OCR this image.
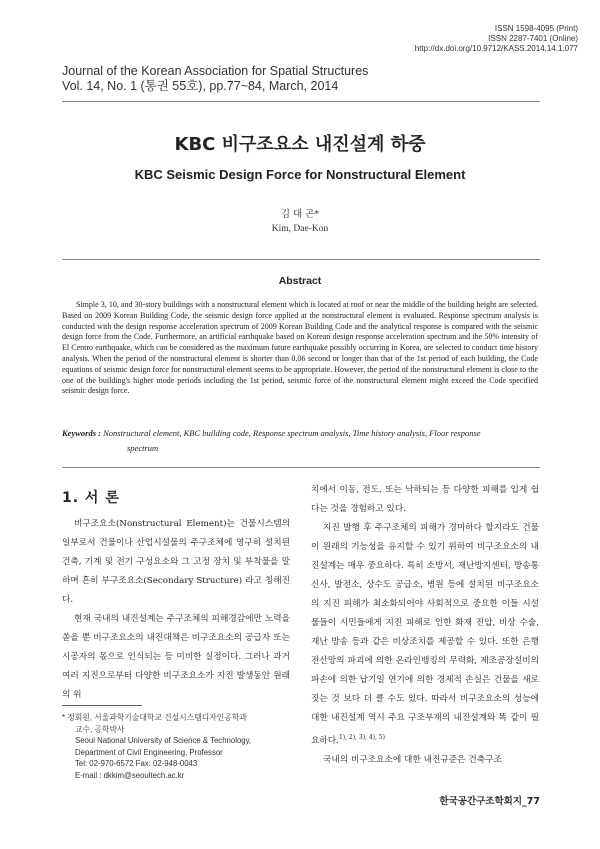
ISSN 1598-4095 (Print)
ISSN 2287-7401 (Online)
http://dx.doi.org/10.9712/KASS.2014.14.1.077
Journal of the Korean Association for Spatial Structures
Vol. 14, No. 1 (통권 55호), pp.77~84, March, 2014
KBC 비구조요소 내진설계 하중
KBC Seismic Design Force for Nonstructural Element
김 대 곤*
Kim, Dae-Kon
Abstract

Simple 3, 10, and 30-story buildings with a nonstructural element which is located at roof or near the middle of the building height are selected. Based on 2009 Korean Building Code, the seismic design force applied at the nonstructural element is evaluated. Response spectrum analysis is conducted with the design response acceleration spectrum of 2009 Korean Building Code and the analytical response is compared with the seismic design force from the Code. Furthermore, an artificial earthquake based on Korean design response acceleration spectrum and the 50% intensity of El Centro earthquake, which can be considered as the maximum future earthquake possibly occurring in Korea, are selected to conduct time history analysis. When the period of the nonstructural element is shorter than 0.06 second or longer than that of the 1st period of each building, the Code equations of seismic design force for nonstructural element seems to be appropriate. However, the period of the nonstructural element is close to the one of the building's higher mode periods including the 1st period, seismic force of the nonstructural element might exceed the Code specified seismic design force.

Keywords : Nonstructural element, KBC building code, Response spectrum analysis, Time history analysis, Floor response
spectrum
1. 서 론

비구조요소(Nonstructural Element)는 건물시스템의 일부로서 건물이나 산업시설물의 주구조체에 영구히 설치된 건축, 기계 및 전기 구성요소와 그 고정 장치 및 부착물을 말하며 흔히 부구조요소(Secondary Structure) 라고 칭해진다.

현재 국내의 내진설계는 주구조체의 피해경감에만 노력을 쏟을 뿐 비구조요소의 내진대책은 비구조요소의 공급자 또는 시공자의 몫으로 인식되는 등 미비한 실정이다. 그러나 과거 여러 지진으로부터 다양한 비구조요소가 지진 발생동안 원래의 위

* 정회원, 서울과학기술대학교 건설시스템디자인공학과
교수, 공학박사
Seoul National University of Science & Technology,
Department of Civil Engineering, Professor
Tel: 02-970-6572 Fax: 02-948-0043
E-mail : dkkim@seoultech.ac.kr

치에서 이동, 전도, 또는 낙하되는 등 다양한 피해를 입게 쉽다는 것을 경험하고 있다.

지진 발행 후 주구조체의 피해가 경미하다 할지라도 건물이 원래의 기능성을 유지할 수 있기 위하여 비구조요소의 내진설계는 매우 중요하다. 특히 소방서, 재난방지센터, 방송통신사, 발전소, 상수도 공급소, 병원 등에 설치된 비구조요소의 지진 피해가 최소화되어야 사회적으로 중요한 이들 시설물들이 시민들에게 지진 피해로 인한 화재 진압, 비상 수술, 재난 방송 등과 같은 비상조치를 제공할 수 있다. 또한 은행전산망의 파괴에 의한 온라인뱅킹의 무력화, 제조공장설비의 파손에 의한 납기일 연기에 의한 경제적 손실은 건물을 새로 짓는 것 보다 더 클 수도 있다. 따라서 비구조요소의 성능에 대한 내진설계 역시 주요 구조부재의 내진설계와 똑 같이 필요하다.$^{1), 2), 3), 4), 5)}$

국내의 비구조요소에 대한 내진규준은 건축구조

한국공간구조학회지_77
